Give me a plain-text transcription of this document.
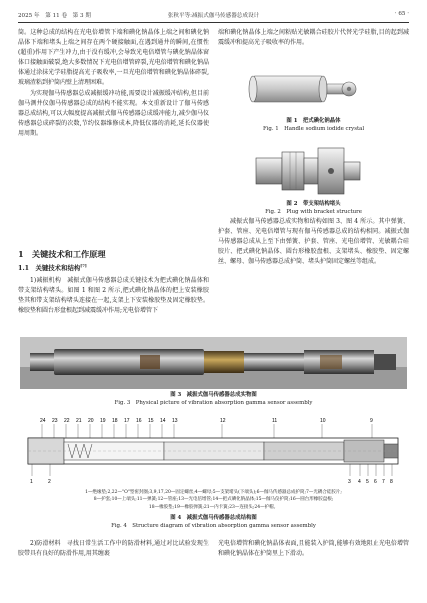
2025 年　第 11 卷　第 3 期	张秋平等:减振式伽马传感器总成设计	· 65 ·

筒。这种总成的结构在光电倍增管下端和碘化钠晶体上端之间和碘化钠晶体下端和堵头上端之间存在两个硬接触面,在遇到通井的瞬间,在惯性(超重)作用下产生冲力,由于没有缓冲,会导致光电倍增管与碘化钠晶体窗体口接触面破裂,绝大多数情况下光电倍增管碎裂,光电倍增管和碘化钠晶体通过涂抹光学硅脂提高光子吸收率,一旦光电倍增管和碘化钠晶体碎裂,玻璃渣粘到护筒内壁上清理困难。

为实现伽马传感器总成减振缓冲功能,需要设计减振缓冲结构,但目前伽马测井仪伽马传感器总成的结构不能实现。本文重新设计了伽马传感器总成结构,可以大幅度提高减振式伽马传感器总成缓冲能力,减少伽马仪传感器总成碎裂的次数,节约仪器维修成本,降低仪器的消耗,延长仪器使用周期。

1　关键技术和工作原理
1.1　关键技术和结构[7]

1)减振机构　减振式伽马传感器总成关键技术为把式碘化钠晶体和带支架结构堵头。如图 1 和图 2 所示,把式碘化钠晶体的把上安装橡胶垫其和带支架结构堵头连接在一起,支架上下安装橡胶垫及固定橡胶垫。橡胶垫和圆台形盘根起到减震缓冲作用;光电倍增管下

端和碘化钠晶体上端之间粘贴光敏耦合硅胶片代替光学硅脂,目的起到减震缓冲和提高光子吸收率的作用。

图 1　把式碘化钠晶体
Fig. 1　Handle sodium iodide crystal
图 2　带支架结构堵头
Fig. 2　Plug with bracket structure

减振式伽马传感器总成实物和结构如图 3、图 4 所示。其中弹簧、护套、管座、光电倍增管与现有伽马传感器总成的结构相同。减振式伽马传感器总成从上至下由弹簧、护套、管座、光电倍增管、光敏耦合硅胶片、把式碘化钠晶体、圆台形橡胶盘根、支架堵头、橡胶垫、固定螺丝、螺母、伽马传感器总成护筒、堵头护筒固定螺丝等组成。

图 3　减振式伽马传感器总成实物图
Fig. 3　Physical picture of vibration absorption gamma sensor assembly
24 23 22 21 20 19 18 17 16 15 14 13	12	11	10	9
1	2	3 4 5 6 7 8
1—绝缘垫;2,22—"O"型密封圈;3,9,17,20—固定螺丝;4—螺母;5—支架堵头(下端头);6—伽马传感器总成护筒;7—光耦合硅胶片;
8—护套;10—上端头;11—弹簧;12—管座;13—光电倍增管;14—把式碘化钠晶体;15—伽马仪护筒;16—圆台形橡胶盘根;
18—橡胶垫;19—橡胶弹簧;21—内卡簧;23—连接头;24—护帽。
图 4　减振式伽马传感器总成结构图
Fig. 4　Structure diagram of vibration absorption gamma sensor assembly

2)防滑材料　寻找日常生活工作中的防滑材料,通过对比试验发现生胶带具有良好的防滑作用,用其缠裹

光电倍增管和碘化钠晶体表面,且能装入护筒,能够有效地阻止光电倍增管和碘化钠晶体在护筒里上下滑动。
